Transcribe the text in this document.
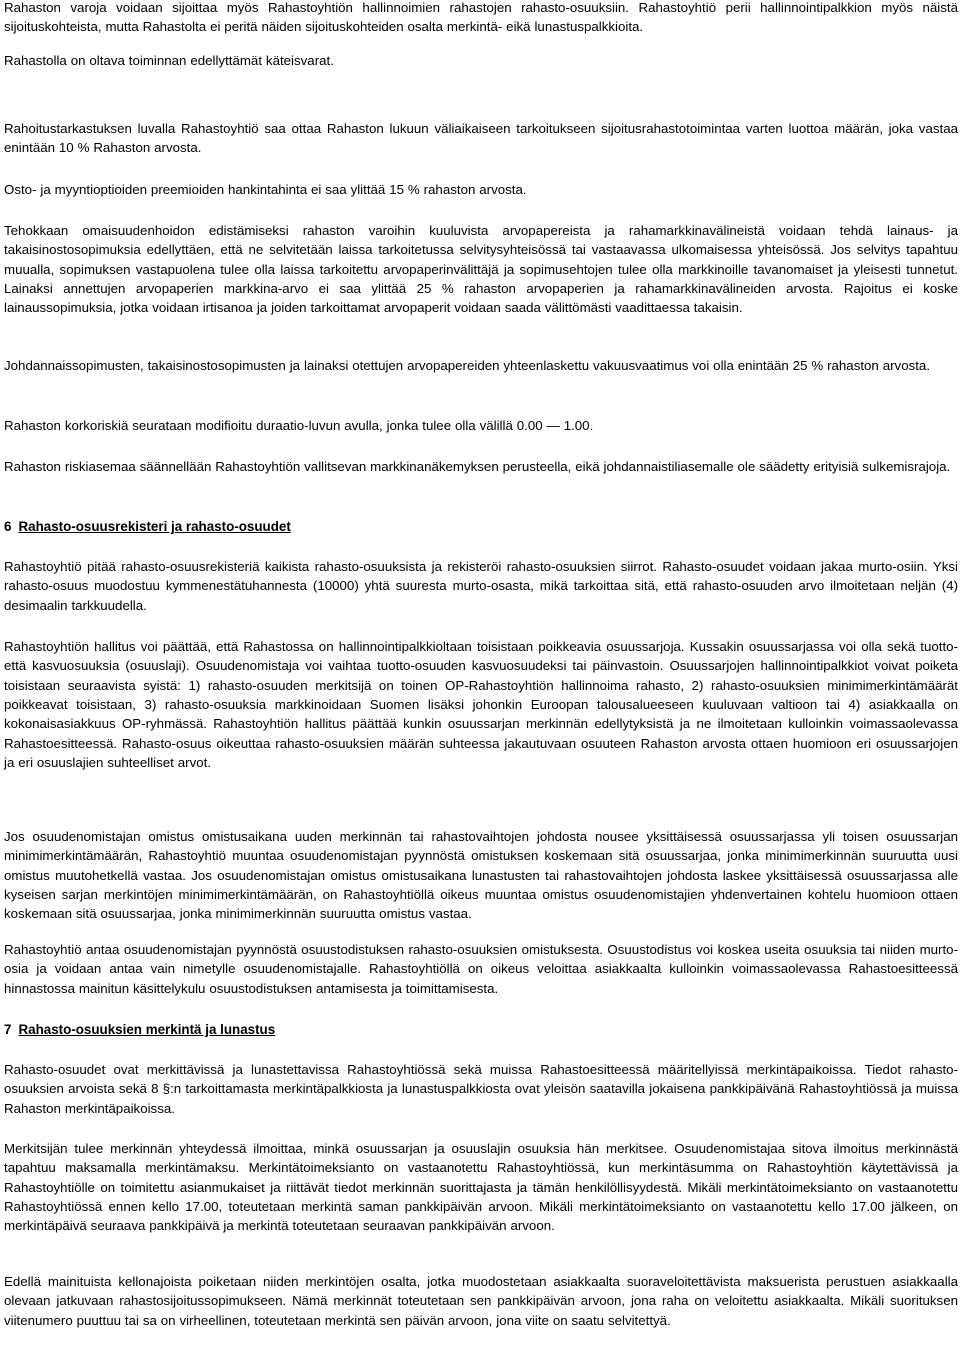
Rahaston varoja voidaan sijoittaa myös Rahastoyhtiön hallinnoimien rahastojen rahasto-osuuksiin. Rahastoyhtiö perii hallinnointipalkkion myös näistä sijoituskohteista, mutta Rahastolta ei peritä näiden sijoituskohteiden osalta merkintä- eikä lunastuspalkkioita.

Rahastolla on oltava toiminnan edellyttämät käteisvarat.

Rahoitustarkastuksen luvalla Rahastoyhtiö saa ottaa Rahaston lukuun väliaikaiseen tarkoitukseen sijoitusrahastotoimintaa varten luottoa määrän, joka vastaa enintään 10 % Rahaston arvosta.

Osto- ja myyntioptioiden preemioiden hankintahinta ei saa ylittää 15 % rahaston arvosta.

Tehokkaan omaisuudenhoidon edistämiseksi rahaston varoihin kuuluvista arvopapereista ja rahamarkkinavälineistä voidaan tehdä lainaus- ja takaisinostosopimuksia edellyttäen, että ne selvitetään laissa tarkoitetussa selvitysyhteisössä tai vastaavassa ulkomaisessa yhteisössä. Jos selvitys tapahtuu muualla, sopimuksen vastapuolena tulee olla laissa tarkoitettu arvopaperinvälittäjä ja sopimusehtojen tulee olla markkinoille tavanomaiset ja yleisesti tunnetut. Lainaksi annettujen arvopaperien markkina-arvo ei saa ylittää 25 % rahaston arvopaperien ja rahamarkkinavälineiden arvosta. Rajoitus ei koske lainaussopimuksia, jotka voidaan irtisanoa ja joiden tarkoittamat arvopaperit voidaan saada välittömästi vaadittaessa takaisin.

Johdannaissopimusten, takaisinostosopimusten ja lainaksi otettujen arvopapereiden yhteenlaskettu vakuusvaatimus voi olla enintään 25 % rahaston arvosta.

Rahaston korkoriskiä seurataan modifioitu duraatio-luvun avulla, jonka tulee olla välillä 0.00 — 1.00.

Rahaston riskiasemaa säännellään Rahastoyhtiön vallitsevan markkinanäkemyksen perusteella, eikä johdannaistiliasemalle ole säädetty erityisiä sulkemisrajoja.

6 Rahasto-osuusrekisteri ja rahasto-osuudet

Rahastoyhtiö pitää rahasto-osuusrekisteriä kaikista rahasto-osuuksista ja rekisteröi rahasto-osuuksien siirrot. Rahasto-osuudet voidaan jakaa murto-osiin. Yksi rahasto-osuus muodostuu kymmenestätuhannesta (10000) yhtä suuresta murto-osasta, mikä tarkoittaa sitä, että rahasto-osuuden arvo ilmoitetaan neljän (4) desimaalin tarkkuudella.

Rahastoyhtiön hallitus voi päättää, että Rahastossa on hallinnointipalkkioltaan toisistaan poikkeavia osuussarjoja. Kussakin osuussarjassa voi olla sekä tuotto- että kasvuosuuksia (osuuslaji). Osuudenomistaja voi vaihtaa tuotto-osuuden kasvuosuudeksi tai päinvastoin. Osuussarjojen hallinnointipalkkiot voivat poiketa toisistaan seuraavista syistä: 1) rahasto-osuuden merkitsijä on toinen OP-Rahastoyhtiön hallinnoima rahasto, 2) rahasto-osuuksien minimimerkintämäärät poikkeavat toisistaan, 3) rahasto-osuuksia markkinoidaan Suomen lisäksi johonkin Euroopan talousalueeseen kuuluvaan valtioon tai 4) asiakkaalla on kokonaisasiakkuus OP-ryhmässä. Rahastoyhtiön hallitus päättää kunkin osuussarjan merkinnän edellytyksistä ja ne ilmoitetaan kulloinkin voimassaolevassa Rahastoesitteessä. Rahasto-osuus oikeuttaa rahasto-osuuksien määrän suhteessa jakautuvaan osuuteen Rahaston arvosta ottaen huomioon eri osuussarjojen ja eri osuuslajien suhteelliset arvot.

Jos osuudenomistajan omistus omistusaikana uuden merkinnän tai rahastovaihtojen johdosta nousee yksittäisessä osuussarjassa yli toisen osuussarjan minimimerkintämäärän, Rahastoyhtiö muuntaa osuudenomistajan pyynnöstä omistuksen koskemaan sitä osuussarjaa, jonka minimimerkinnän suuruutta uusi omistus muutohetkellä vastaa. Jos osuudenomistajan omistus omistusaikana lunastusten tai rahastovaihtojen johdosta laskee yksittäisessä osuussarjassa alle kyseisen sarjan merkintöjen minimimerkintämäärän, on Rahastoyhtiöllä oikeus muuntaa omistus osuudenomistajien yhdenvertainen kohtelu huomioon ottaen koskemaan sitä osuussarjaa, jonka minimimerkinnän suuruutta omistus vastaa.

Rahastoyhtiö antaa osuudenomistajan pyynnöstä osuustodistuksen rahasto-osuuksien omistuksesta. Osuustodistus voi koskea useita osuuksia tai niiden murto-osia ja voidaan antaa vain nimetylle osuudenomistajalle. Rahastoyhtiöllä on oikeus veloittaa asiakkaalta kulloinkin voimassaolevassa Rahastoesitteessä hinnastossa mainitun käsittelykulu osuustodistuksen antamisesta ja toimittamisesta.

7 Rahasto-osuuksien merkintä ja lunastus

Rahasto-osuudet ovat merkittävissä ja lunastettavissa Rahastoyhtiössä sekä muissa Rahastoesitteessä määritellyissä merkintäpaikoissa. Tiedot rahasto-osuuksien arvoista sekä 8 §:n tarkoittamasta merkintäpalkkiosta ja lunastuspalkkiosta ovat yleisön saatavilla jokaisena pankkipäivänä Rahastoyhtiössä ja muissa Rahaston merkintäpaikoissa.

Merkitsijän tulee merkinnän yhteydessä ilmoittaa, minkä osuussarjan ja osuuslajin osuuksia hän merkitsee. Osuudenomistajaa sitova ilmoitus merkinnästä tapahtuu maksamalla merkintämaksu. Merkintätoimeksianto on vastaanotettu Rahastoyhtiössä, kun merkintäsumma on Rahastoyhtiön käytettävissä ja Rahastoyhtiölle on toimitettu asianmukaiset ja riittävät tiedot merkinnän suorittajasta ja tämän henkilöllisyydestä. Mikäli merkintätoimeksianto on vastaanotettu Rahastoyhtiössä ennen kello 17.00, toteutetaan merkintä saman pankkipäivän arvoon. Mikäli merkintätoimeksianto on vastaanotettu kello 17.00 jälkeen, on merkintäpäivä seuraava pankkipäivä ja merkintä toteutetaan seuraavan pankkipäivän arvoon.

Edellä mainituista kellonajoista poiketaan niiden merkintöjen osalta, jotka muodostetaan asiakkaalta suoraveloitettävista maksuerista perustuen asiakkaalla olevaan jatkuvaan rahastosijoitussopimukseen. Nämä merkinnät toteutetaan sen pankkipäivän arvoon, jona raha on veloitettu asiakkaalta. Mikäli suorituksen viitenumero puuttuu tai sa on virheellinen, toteutetaan merkintä sen päivän arvoon, jona viite on saatu selvitettyä.
